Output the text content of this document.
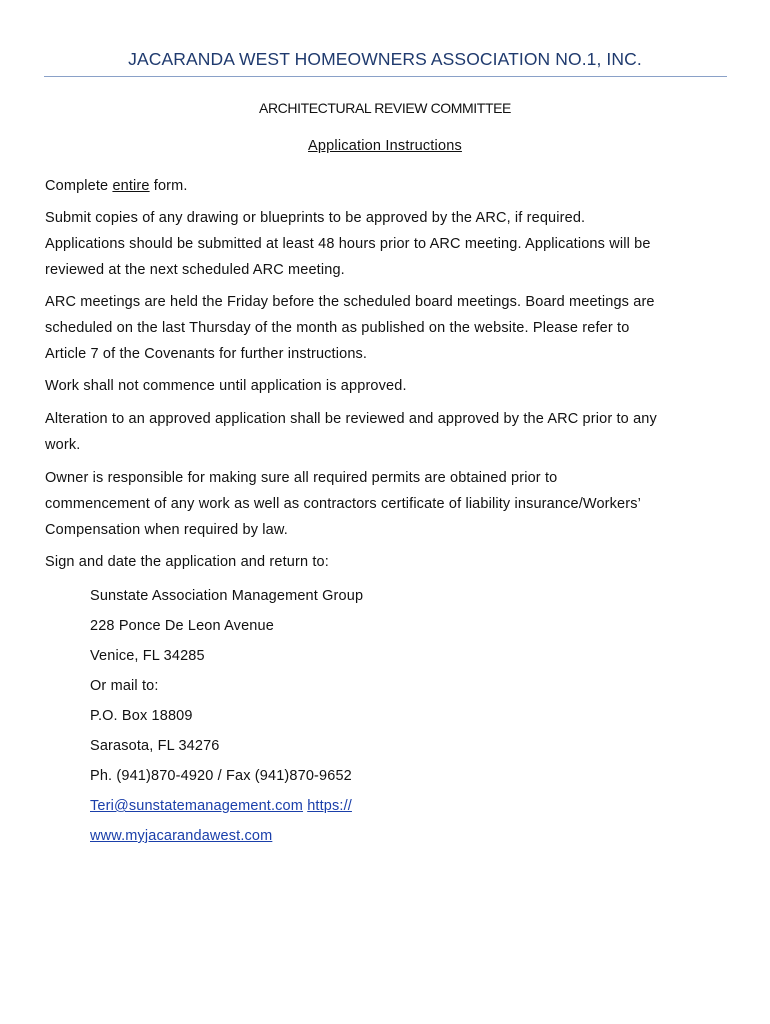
JACARANDA WEST HOMEOWNERS ASSOCIATION NO.1, INC.
ARCHITECTURAL REVIEW COMMITTEE
Application Instructions

Complete entire form.

Submit copies of any drawing or blueprints to be approved by the ARC, if required.
Applications should be submitted at least 48 hours prior to ARC meeting. Applications will be
reviewed at the next scheduled ARC meeting.

ARC meetings are held the Friday before the scheduled board meetings. Board meetings are
scheduled on the last Thursday of the month as published on the website. Please refer to
Article 7 of the Covenants for further instructions.

Work shall not commence until application is approved.

Alteration to an approved application shall be reviewed and approved by the ARC prior to any
work.

Owner is responsible for making sure all required permits are obtained prior to
commencement of any work as well as contractors certificate of liability insurance/Workers’
Compensation when required by law.

Sign and date the application and return to:

Sunstate Association Management Group
228 Ponce De Leon Avenue
Venice, FL 34285
Or mail to:
P.O. Box 18809
Sarasota, FL 34276
Ph. (941)870-4920 / Fax (941)870-9652
Teri@sunstatemanagement.com https://
www.myjacarandawest.com
